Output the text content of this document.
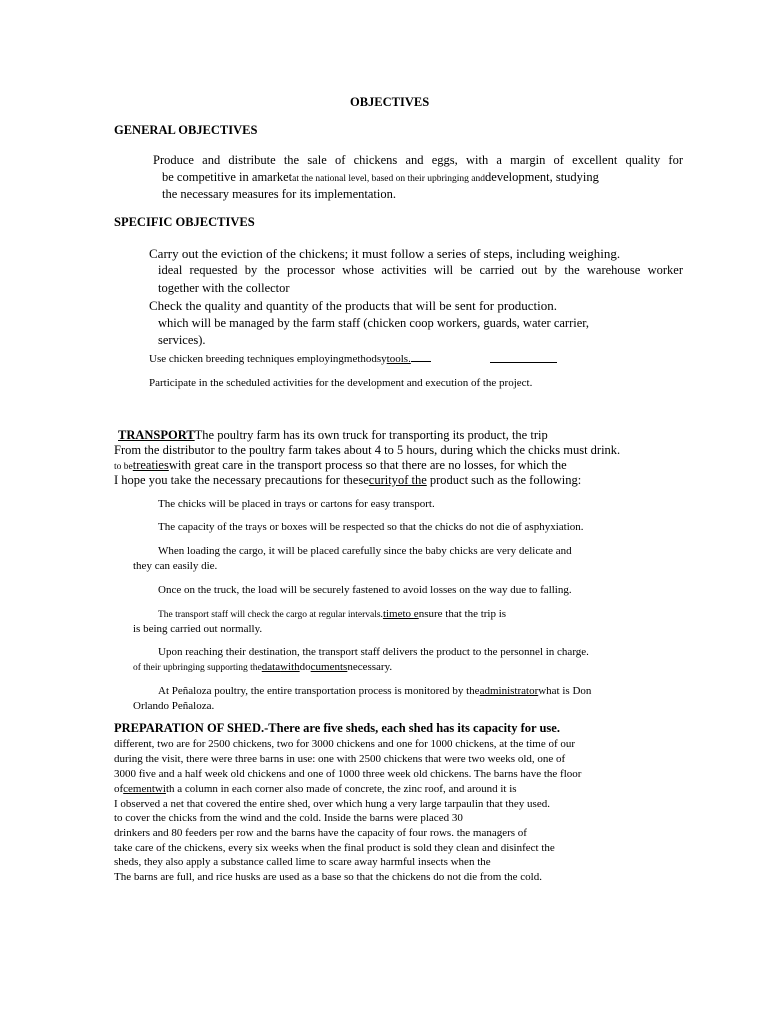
OBJECTIVES
GENERAL OBJECTIVES
Produce and distribute the sale of chickens and eggs, with a margin of excellent quality for
be competitive in amarketat the national level, based on their upbringing anddevelopment, studying
the necessary measures for its implementation.
SPECIFIC OBJECTIVES
Carry out the eviction of the chickens; it must follow a series of steps, including weighing.
ideal requested by the processor whose activities will be carried out by the warehouse worker
together with the collector
Check the quality and quantity of the products that will be sent for production.
which will be managed by the farm staff (chicken coop workers, guards, water carrier,
services).
Use chicken breeding techniques employingmethodsytools.
Participate in the scheduled activities for the development and execution of the project.
TRANSPORTThe poultry farm has its own truck for transporting its product, the trip
From the distributor to the poultry farm takes about 4 to 5 hours, during which the chicks must drink.
to betreatieswith great care in the transport process so that there are no losses, for which the
I hope you take the necessary precautions for thesecurityof the product such as the following:
The chicks will be placed in trays or cartons for easy transport.
The capacity of the trays or boxes will be respected so that the chicks do not die of asphyxiation.
When loading the cargo, it will be placed carefully since the baby chicks are very delicate and
they can easily die.
Once on the truck, the load will be securely fastened to avoid losses on the way due to falling.
The transport staff will check the cargo at regular intervals.timeto ensure that the trip is
is being carried out normally.
Upon reaching their destination, the transport staff delivers the product to the personnel in charge.
of their upbringing supporting thedatawithdocumentsnecessary.
At Peñaloza poultry, the entire transportation process is monitored by theadministratorwhat is Don
Orlando Peñaloza.
PREPARATION OF SHED.-There are five sheds, each shed has its capacity for use.
different, two are for 2500 chickens, two for 3000 chickens and one for 1000 chickens, at the time of our
during the visit, there were three barns in use: one with 2500 chickens that were two weeks old, one of
3000 five and a half week old chickens and one of 1000 three week old chickens. The barns have the floor
ofcementwith a column in each corner also made of concrete, the zinc roof, and around it is
I observed a net that covered the entire shed, over which hung a very large tarpaulin that they used.
to cover the chicks from the wind and the cold. Inside the barns were placed 30
drinkers and 80 feeders per row and the barns have the capacity of four rows. the managers of
take care of the chickens, every six weeks when the final product is sold they clean and disinfect the
sheds, they also apply a substance called lime to scare away harmful insects when the
The barns are full, and rice husks are used as a base so that the chickens do not die from the cold.
